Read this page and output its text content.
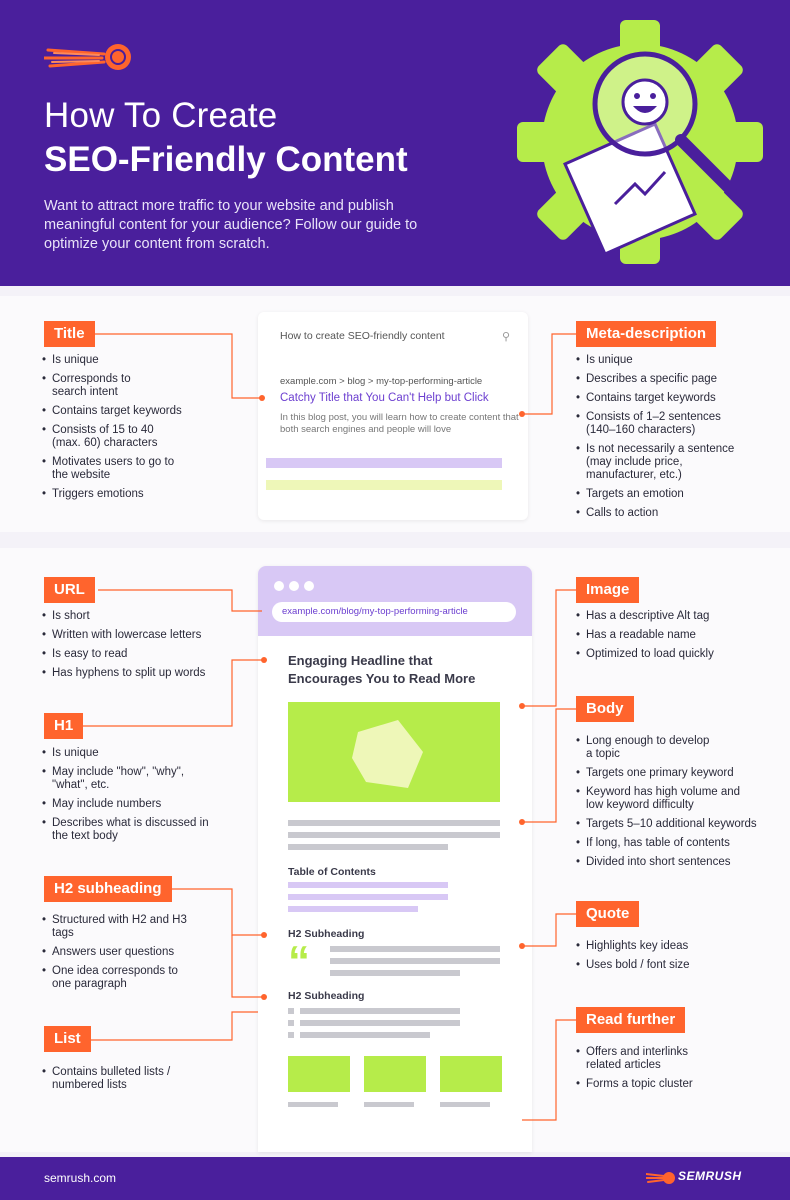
How To Create
SEO-Friendly Content
Want to attract more traffic to your website and publish meaningful content for your audience? Follow our guide to optimize your content from scratch.
How to create SEO-friendly content	⚲
example.com > blog > my-top-performing-article
Catchy Title that You Can't Help but Click
In this blog post, you will learn how to create content that both search engines and people will love
example.com/blog/my-top-performing-article
Engaging Headline that Encourages You to Read More
Table of Contents
H2 Subheading
“
H2 Subheading
Title
• Is unique
• Corresponds to search intent
• Contains target keywords
• Consists of 15 to 40 (max. 60) characters
• Motivates users to go to the website
• Triggers emotions
URL
• Is short
• Written with lowercase letters
• Is easy to read
• Has hyphens to split up words
H1
• Is unique
• May include "how", "why", "what", etc.
• May include numbers
• Describes what is discussed in the text body
H2 subheading
• Structured with H2 and H3 tags
• Answers user questions
• One idea corresponds to one paragraph
List
• Contains bulleted lists / numbered lists
Meta-description
• Is unique
• Describes a specific page
• Contains target keywords
• Consists of 1–2 sentences (140–160 characters)
• Is not necessarily a sentence (may include price, manufacturer, etc.)
• Targets an emotion
• Calls to action
Image
• Has a descriptive Alt tag
• Has a readable name
• Optimized to load quickly
Body
• Long enough to develop a topic
• Targets one primary keyword
• Keyword has high volume and low keyword difficulty
• Targets 5–10 additional keywords
• If long, has table of contents
• Divided into short sentences
Quote
• Highlights key ideas
• Uses bold / font size
Read further
• Offers and interlinks related articles
• Forms a topic cluster
semrush.com	SEMRUSH
